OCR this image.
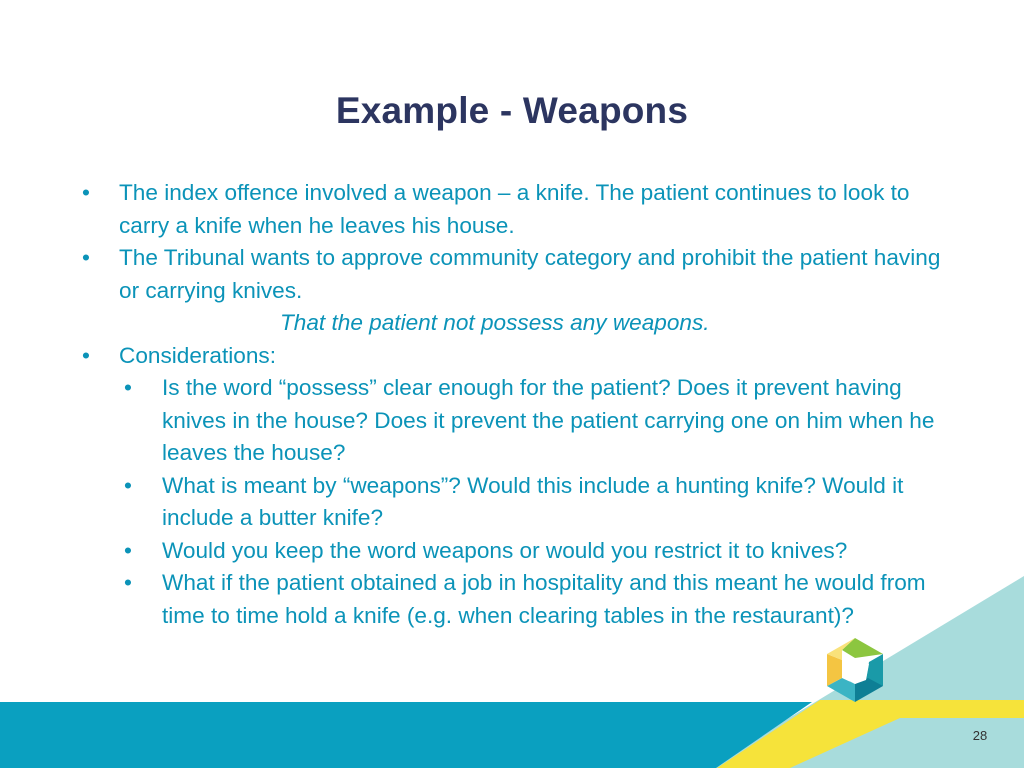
Example - Weapons
•	The index offence involved a weapon – a knife. The patient continues to look to carry a knife when he leaves his house.
•	The Tribunal wants to approve community category and prohibit the patient having or carrying knives.
That the patient not possess any weapons.
•	Considerations:
•	Is the word “possess” clear enough for the patient? Does it prevent having knives in the house? Does it prevent the patient carrying one on him when he leaves the house?
•	What is meant by “weapons”? Would this include a hunting knife? Would it include a butter knife?
•	Would you keep the word weapons or would you restrict it to knives?
•	What if the patient obtained a job in hospitality and this meant he would from time to time hold a knife (e.g. when clearing tables in the restaurant)?
28
